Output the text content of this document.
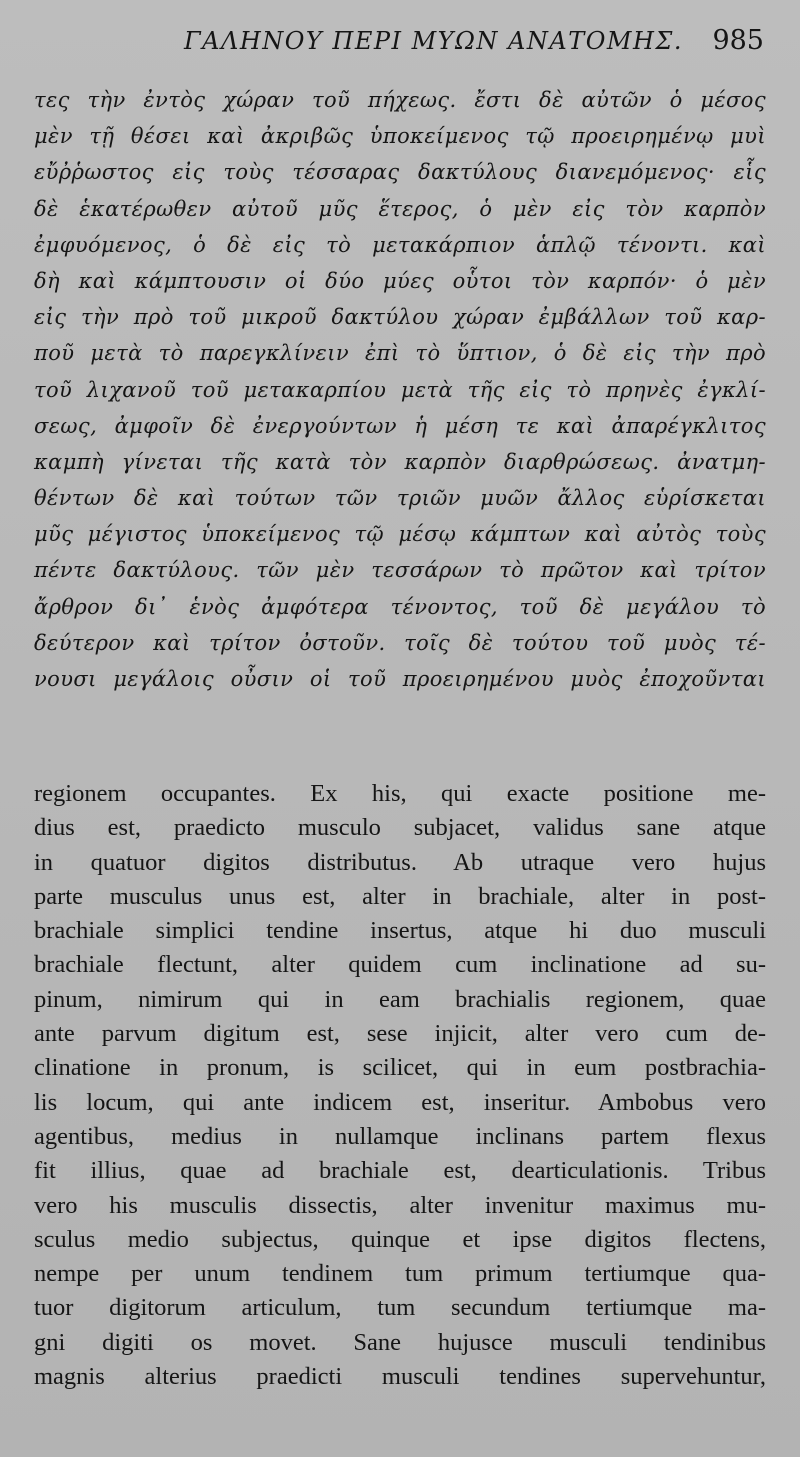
ΓΑΛΗΝΟΥ ΠΕΡΙ ΜΥΩΝ ΑΝΑΤΟΜΗΣ. 985
τες τὴν ἐντὸς χώραν τοῦ πήχεως. ἔστι δὲ αὐτῶν ὁ μέσος
μὲν τῇ θέσει καὶ ἀκριβῶς ὑποκείμενος τῷ προειρημένῳ μυὶ
εὔῤῥωστος εἰς τοὺς τέσσαρας δακτύλους διανεμόμενος· εἷς
δὲ ἑκατέρωθεν αὐτοῦ μῦς ἕτερος, ὁ μὲν εἰς τὸν καρπὸν
ἐμφυόμενος, ὁ δὲ εἰς τὸ μετακάρπιον ἁπλῷ τένοντι. καὶ
δὴ καὶ κάμπτουσιν οἱ δύο μύες οὗτοι τὸν καρπόν· ὁ μὲν
εἰς τὴν πρὸ τοῦ μικροῦ δακτύλου χώραν ἐμβάλλων τοῦ καρ-
ποῦ μετὰ τὸ παρεγκλίνειν ἐπὶ τὸ ὕπτιον, ὁ δὲ εἰς τὴν πρὸ
τοῦ λιχανοῦ τοῦ μετακαρπίου μετὰ τῆς εἰς τὸ πρηνὲς ἐγκλί-
σεως, ἀμφοῖν δὲ ἐνεργούντων ἡ μέση τε καὶ ἀπαρέγκλιτος
καμπὴ γίνεται τῆς κατὰ τὸν καρπὸν διαρθρώσεως. ἀνατμη-
θέντων δὲ καὶ τούτων τῶν τριῶν μυῶν ἄλλος εὑρίσκεται
μῦς μέγιστος ὑποκείμενος τῷ μέσῳ κάμπτων καὶ αὐτὸς τοὺς
πέντε δακτύλους. τῶν μὲν τεσσάρων τὸ πρῶτον καὶ τρίτον
ἄρθρον δι᾽ ἑνὸς ἀμφότερα τένοντος, τοῦ δὲ μεγάλου τὸ
δεύτερον καὶ τρίτον ὀστοῦν. τοῖς δὲ τούτου τοῦ μυὸς τέ-
νουσι μεγάλοις οὖσιν οἱ τοῦ προειρημένου μυὸς ἐποχοῦνται
regionem occupantes. Ex his, qui exacte positione me-
dius est, praedicto musculo subjacet, validus sane atque
in quatuor digitos distributus. Ab utraque vero hujus
parte musculus unus est, alter in brachiale, alter in post-
brachiale simplici tendine insertus, atque hi duo musculi
brachiale flectunt, alter quidem cum inclinatione ad su-
pinum, nimirum qui in eam brachialis regionem, quae
ante parvum digitum est, sese injicit, alter vero cum de-
clinatione in pronum, is scilicet, qui in eum postbrachia-
lis locum, qui ante indicem est, inseritur. Ambobus vero
agentibus, medius in nullamque inclinans partem flexus
fit illius, quae ad brachiale est, dearticulationis. Tribus
vero his musculis dissectis, alter invenitur maximus mu-
sculus medio subjectus, quinque et ipse digitos flectens,
nempe per unum tendinem tum primum tertiumque qua-
tuor digitorum articulum, tum secundum tertiumque ma-
gni digiti os movet. Sane hujusce musculi tendinibus
magnis alterius praedicti musculi tendines supervehuntur,
